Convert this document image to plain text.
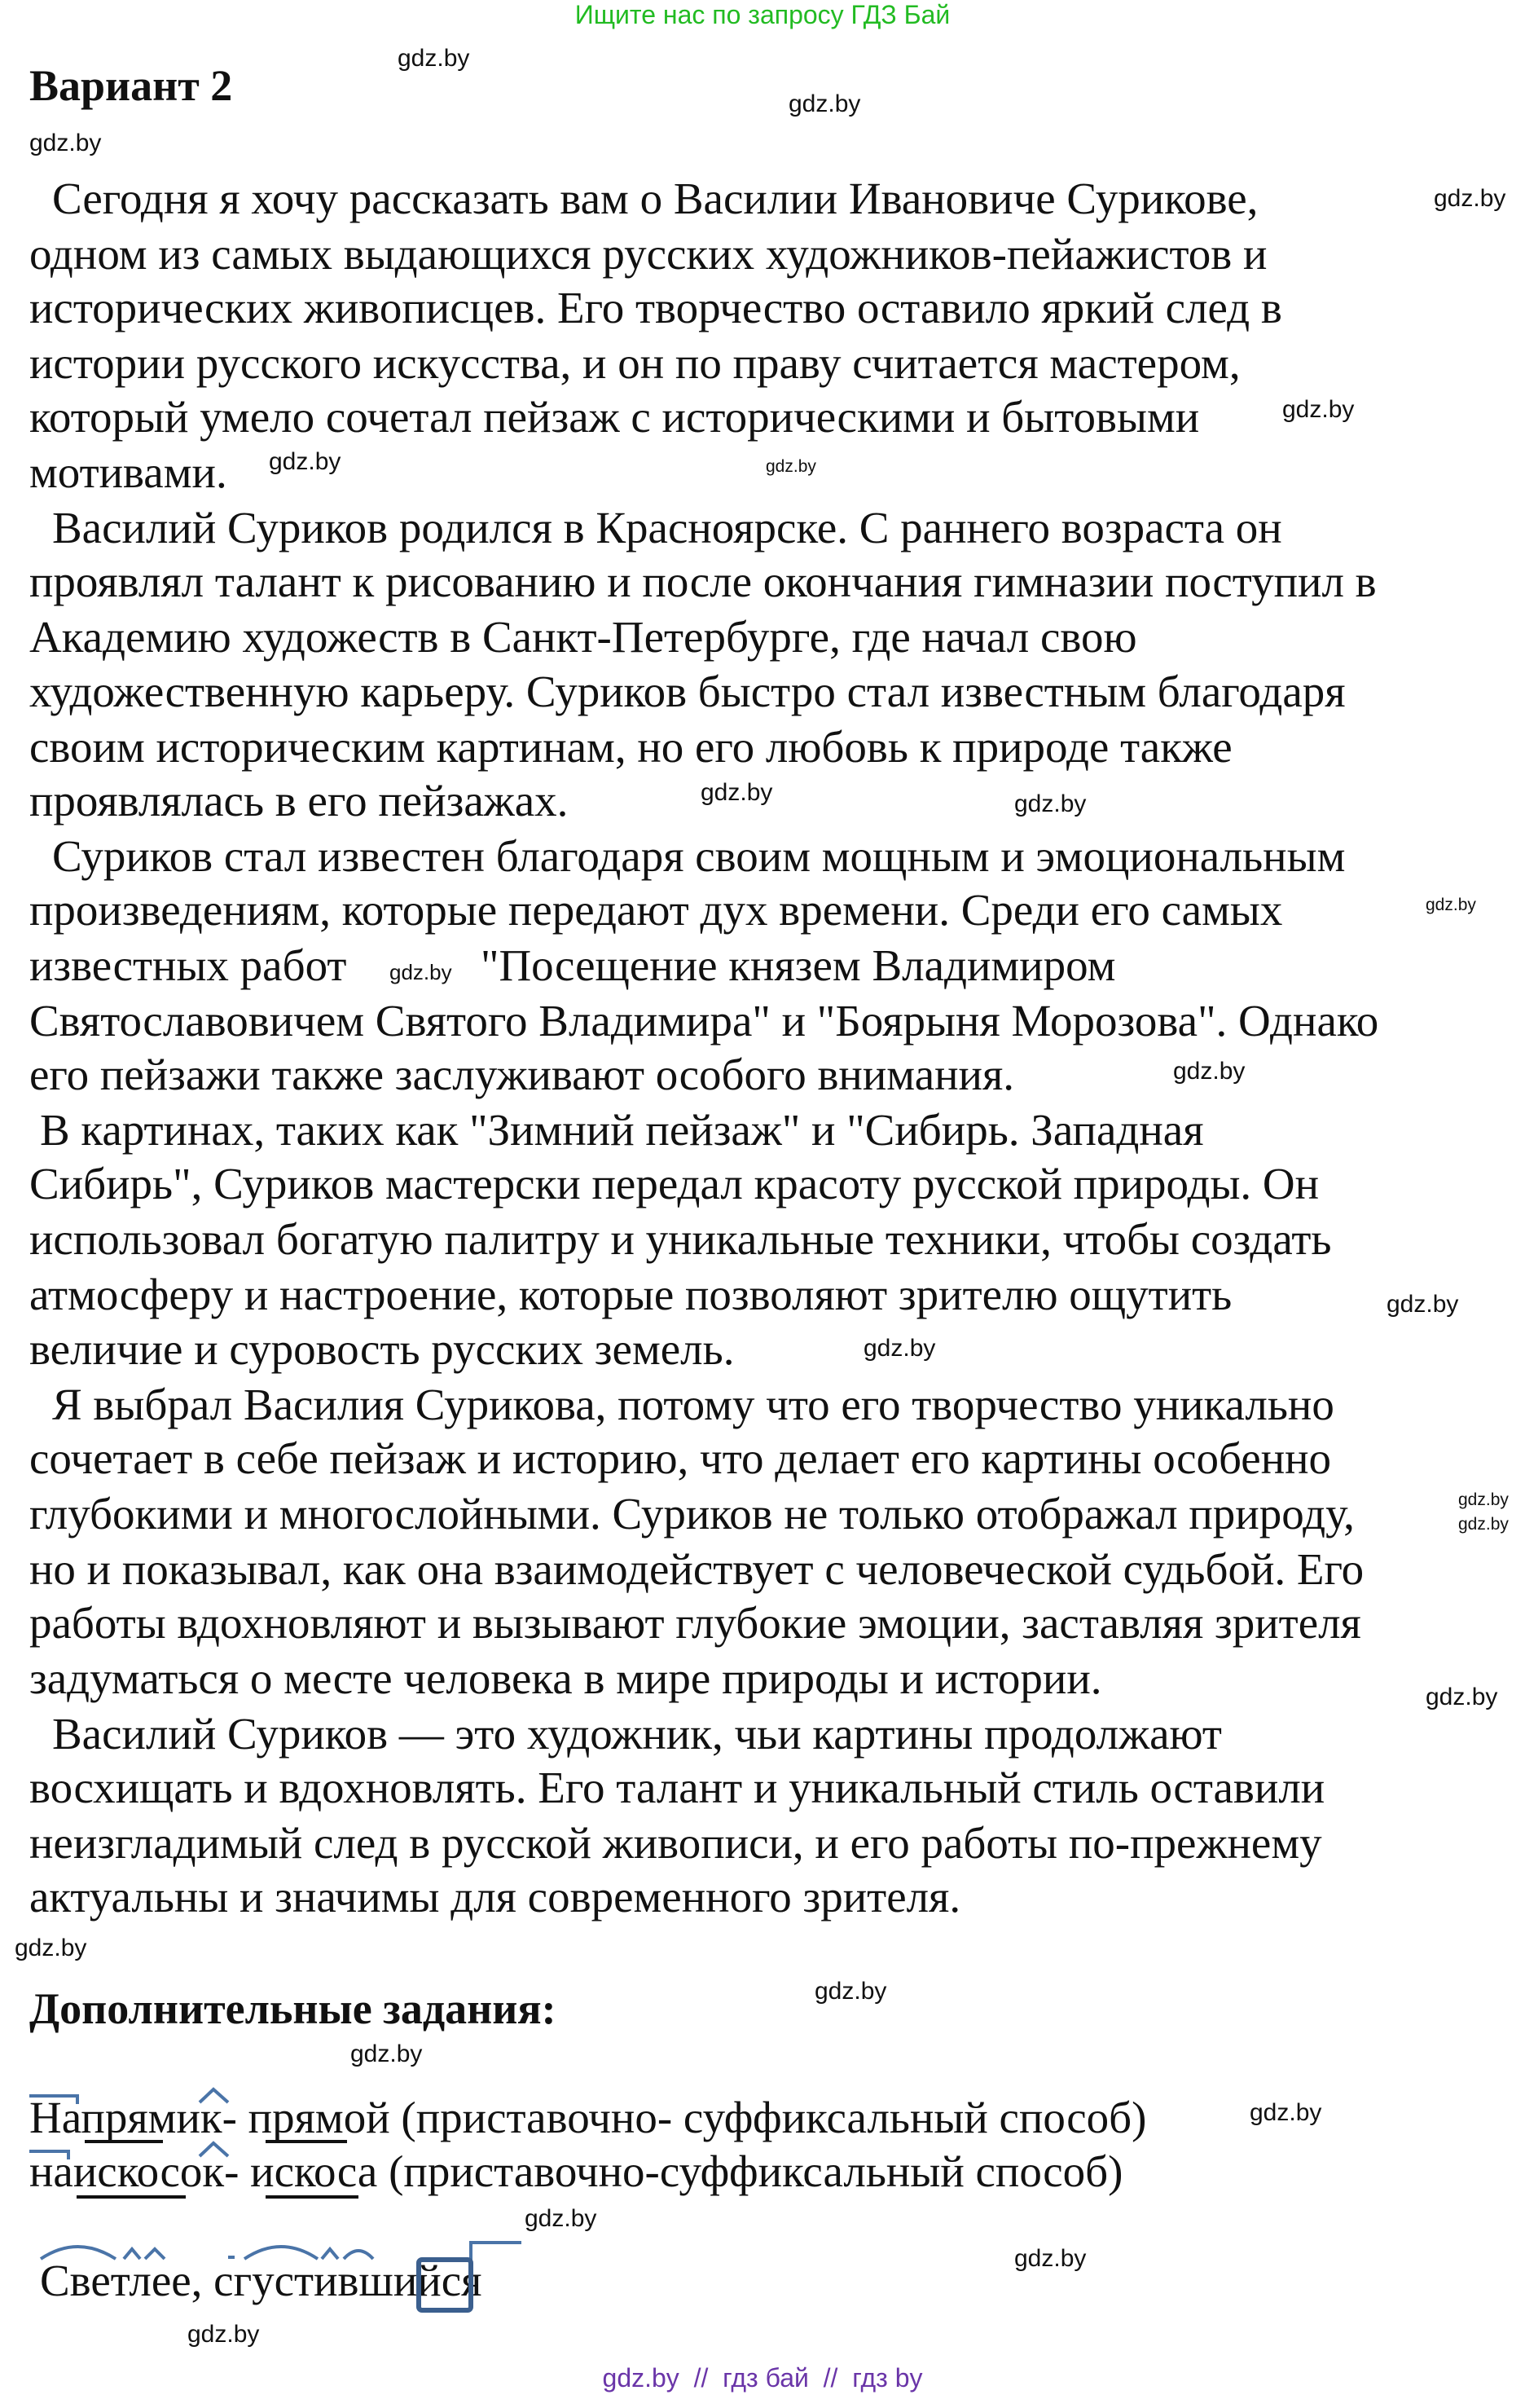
Ищите нас по запросу ГДЗ Бай
Вариант 2
Сегодня я хочу рассказать вам о Василии Ивановиче Сурикове,
одном из самых выдающихся русских художников-пейажистов и
исторических живописцев. Его творчество оставило яркий след в
истории русского искусства, и он по праву считается мастером,
который умело сочетал пейзаж с историческими и бытовыми
мотивами.
Василий Суриков родился в Красноярске. С раннего возраста он
проявлял талант к рисованию и после окончания гимназии поступил в
Академию художеств в Санкт-Петербурге, где начал свою
художественную карьеру. Суриков быстро стал известным благодаря
своим историческим картинам, но его любовь к природе также
проявлялась в его пейзажах.
Суриков стал известен благодаря своим мощным и эмоциональным
произведениям, которые передают дух времени. Среди его самых
известных работ	"Посещение князем Владимиром
Святославовичем Святого Владимира" и "Боярыня Морозова". Однако
его пейзажи также заслуживают особого внимания.
В картинах, таких как "Зимний пейзаж" и "Сибирь. Западная
Сибирь", Суриков мастерски передал красоту русской природы. Он
использовал богатую палитру и уникальные техники, чтобы создать
атмосферу и настроение, которые позволяют зрителю ощутить
величие и суровость русских земель.
Я выбрал Василия Сурикова, потому что его творчество уникально
сочетает в себе пейзаж и историю, что делает его картины особенно
глубокими и многослойными. Суриков не только отображал природу,
но и показывал, как она взаимодействует с человеческой судьбой. Его
работы вдохновляют и вызывают глубокие эмоции, заставляя зрителя
задуматься о месте человека в мире природы и истории.
Василий Суриков — это художник, чьи картины продолжают
восхищать и вдохновлять. Его талант и уникальный стиль оставили
неизгладимый след в русской живописи, и его работы по-прежнему
актуальны и значимы для современного зрителя.
Дополнительные задания:
Напрямик- прямой (приставочно- суффиксальный способ)
наискосок- искоса (приставочно-суффиксальный способ)
Светлее, сгустившийся
gdz.by
gdz.by
gdz.by
gdz.by
gdz.by
gdz.by	gdz.by
gdz.by	gdz.by
gdz.by
gdz.by
gdz.by
gdz.by
gdz.by
gdz.by
gdz.by
gdz.by
gdz.by
gdz.by
gdz.by
gdz.by
gdz.by
gdz.by
gdz.by
gdz.by  //  гдз бай  //  гдз by
